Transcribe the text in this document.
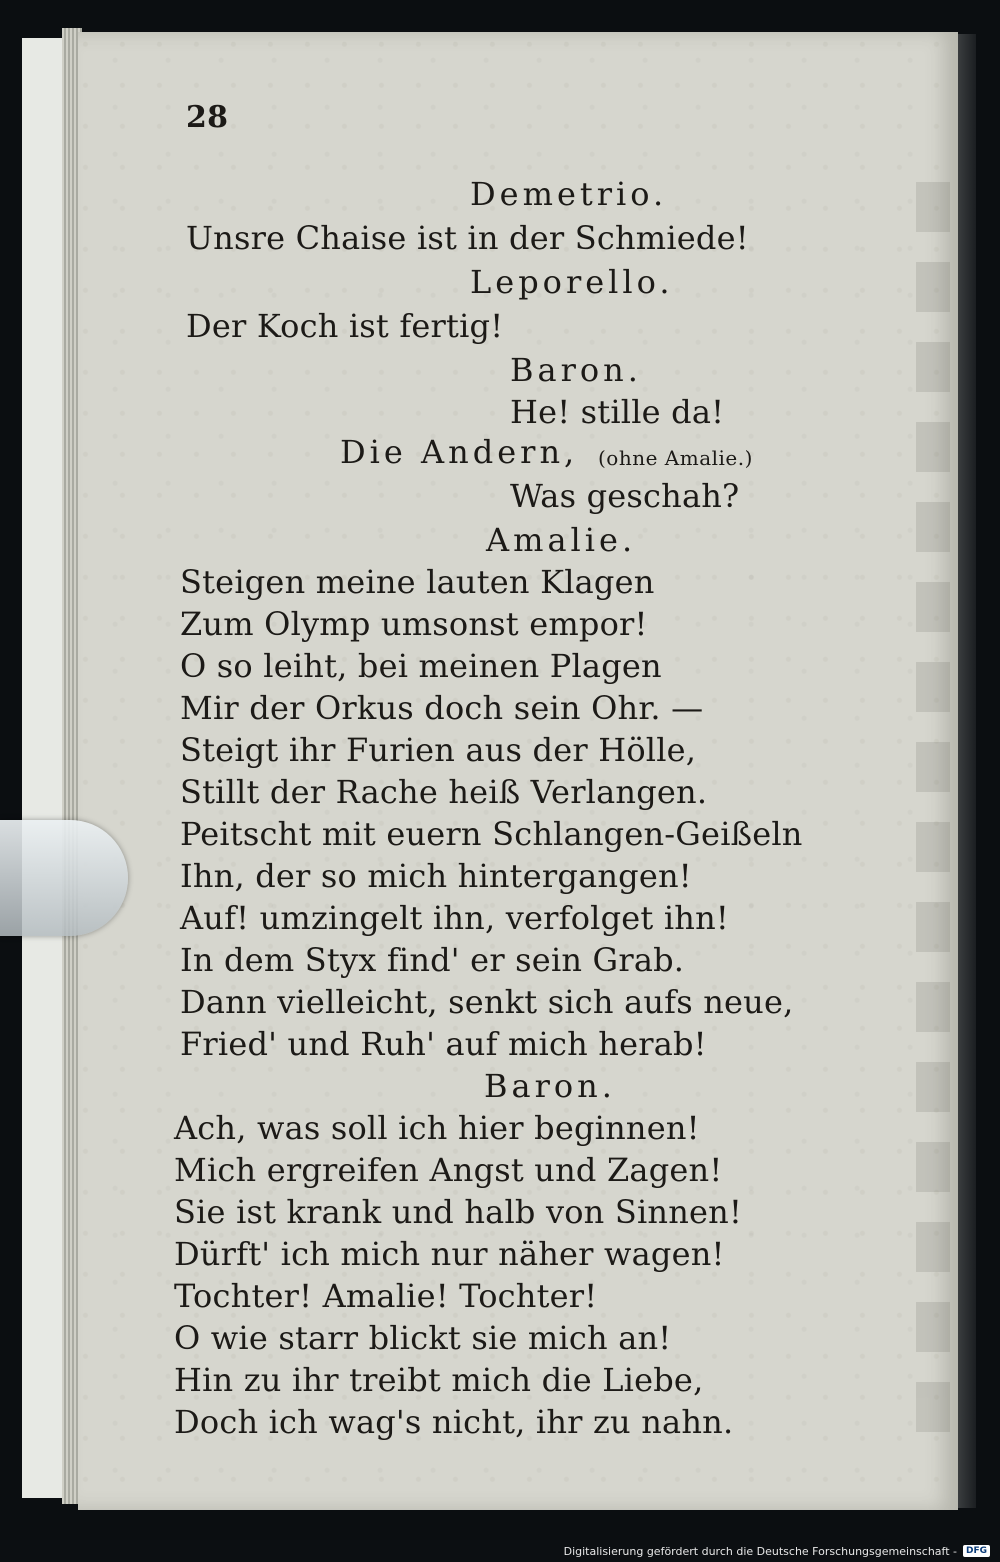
28

Demetrio.

Unsre Chaise ist in der Schmiede!

Leporello.

Der Koch ist fertig!

Baron.

He! stille da!

Die Andern, (ohne Amalie.)

Was geschah?

Amalie.

Steigen meine lauten Klagen

Zum Olymp umsonst empor!

O so leiht, bei meinen Plagen

Mir der Orkus doch sein Ohr. —

Steigt ihr Furien aus der Hölle,

Stillt der Rache heiß Verlangen.

Peitscht mit euern Schlangen-Geißeln

Ihn, der so mich hintergangen!

Auf! umzingelt ihn, verfolget ihn!

In dem Styx find' er sein Grab.

Dann vielleicht, senkt sich aufs neue,

Fried' und Ruh' auf mich herab!

Baron.

Ach, was soll ich hier beginnen!

Mich ergreifen Angst und Zagen!

Sie ist krank und halb von Sinnen!

Dürft' ich mich nur näher wagen!

Tochter! Amalie! Tochter!

O wie starr blickt sie mich an!

Hin zu ihr treibt mich die Liebe,

Doch ich wag's nicht, ihr zu nahn.

Digitalisierung gefördert durch die Deutsche Forschungsgemeinschaft -	DFG
